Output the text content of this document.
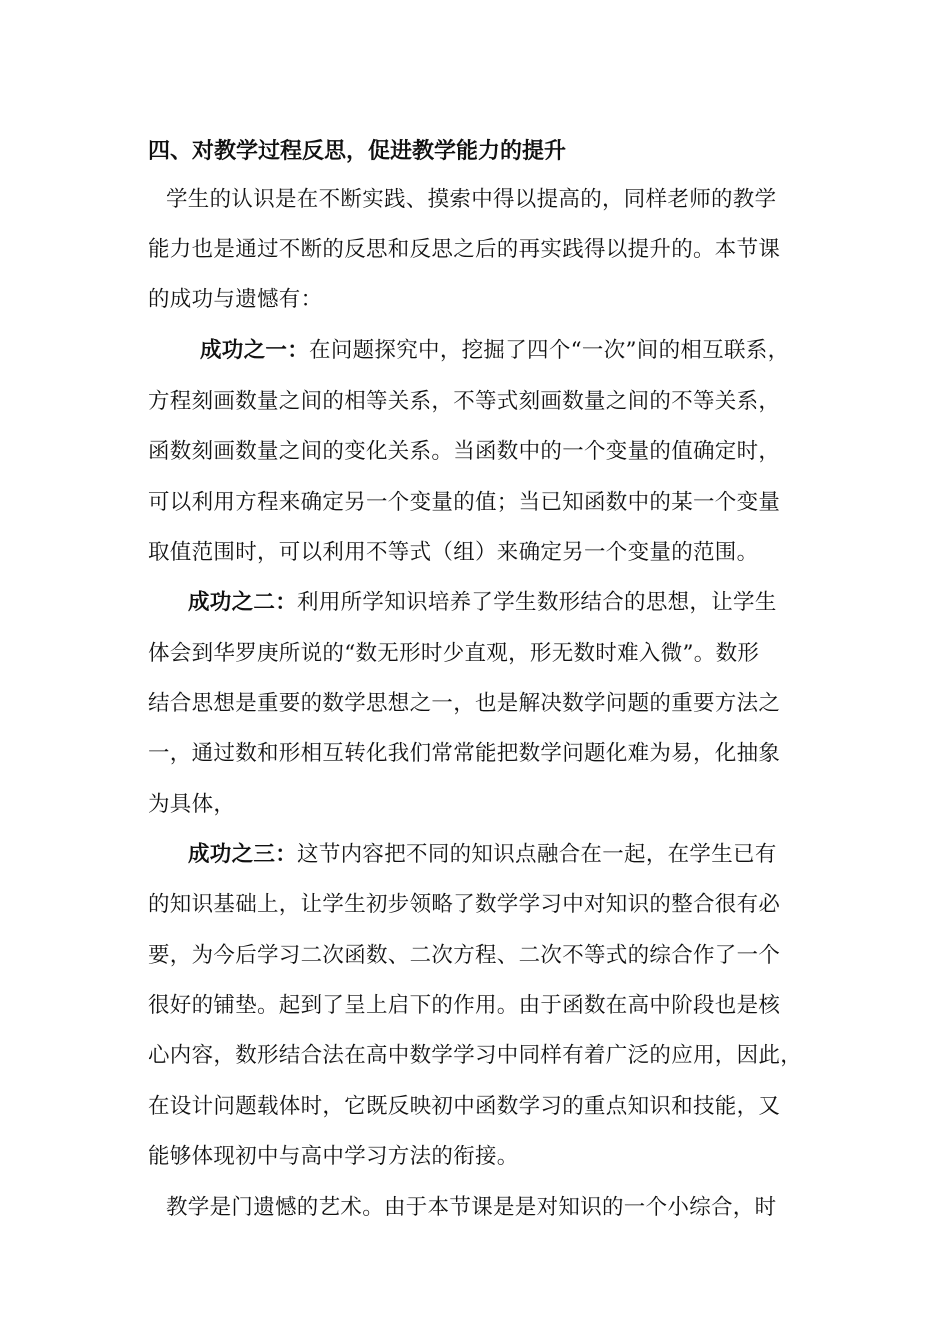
四、对教学过程反思，促进教学能力的提升
学生的认识是在不断实践、摸索中得以提高的，同样老师的教学
能力也是通过不断的反思和反思之后的再实践得以提升的。本节课
的成功与遗憾有：
成功之一：在问题探究中，挖掘了四个“一次”间的相互联系，
方程刻画数量之间的相等关系，不等式刻画数量之间的不等关系，
函数刻画数量之间的变化关系。当函数中的一个变量的值确定时，
可以利用方程来确定另一个变量的值；当已知函数中的某一个变量
取值范围时，可以利用不等式（组）来确定另一个变量的范围。
成功之二：利用所学知识培养了学生数形结合的思想，让学生
体会到华罗庚所说的“数无形时少直观，形无数时难入微”。数形
结合思想是重要的数学思想之一，也是解决数学问题的重要方法之
一，通过数和形相互转化我们常常能把数学问题化难为易，化抽象
为具体，
成功之三：这节内容把不同的知识点融合在一起，在学生已有
的知识基础上，让学生初步领略了数学学习中对知识的整合很有必
要，为今后学习二次函数、二次方程、二次不等式的综合作了一个
很好的铺垫。起到了呈上启下的作用。由于函数在高中阶段也是核
心内容，数形结合法在高中数学学习中同样有着广泛的应用，因此，
在设计问题载体时，它既反映初中函数学习的重点知识和技能，又
能够体现初中与高中学习方法的衔接。
教学是门遗憾的艺术。由于本节课是是对知识的一个小综合，时
